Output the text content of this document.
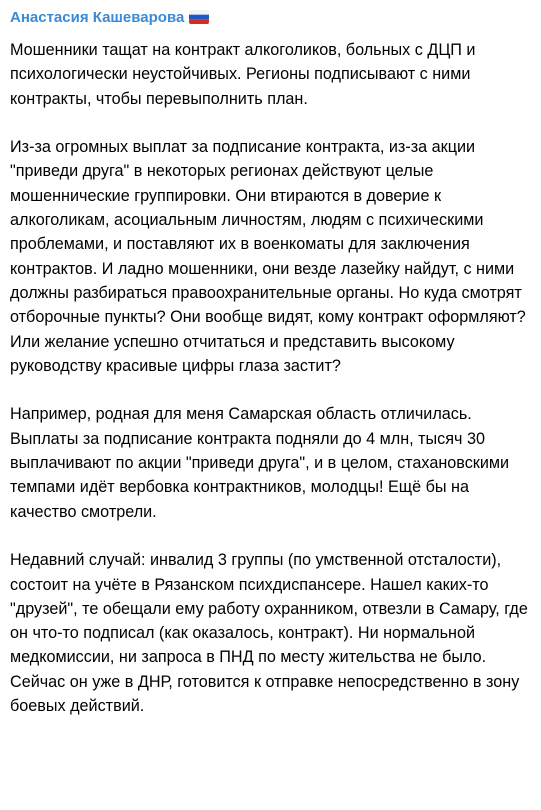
Анастасия Кашеварова

Мошенники тащат на контракт алкоголиков, больных с ДЦП и психологически неустойчивых. Регионы подписывают с ними контракты, чтобы перевыполнить план.

Из-за огромных выплат за подписание контракта, из-за акции "приведи друга" в некоторых регионах действуют целые мошеннические группировки. Они втираются в доверие к алкоголикам, асоциальным личностям, людям с психическими проблемами, и поставляют их в военкоматы для заключения контрактов. И ладно мошенники, они везде лазейку найдут, с ними должны разбираться правоохранительные органы. Но куда смотрят отборочные пункты? Они вообще видят, кому контракт оформляют? Или желание успешно отчитаться и представить высокому руководству красивые цифры глаза застит?

Например, родная для меня Самарская область отличилась. Выплаты за подписание контракта подняли до 4 млн, тысяч 30 выплачивают по акции "приведи друга", и в целом, стахановскими темпами идёт вербовка контрактников, молодцы! Ещё бы на качество смотрели.

Недавний случай: инвалид 3 группы (по умственной отсталости), состоит на учёте в Рязанском психдиспансере. Нашел каких-то "друзей", те обещали ему работу охранником, отвезли в Самару, где он что-то подписал (как оказалось, контракт). Ни нормальной медкомиссии, ни запроса в ПНД по месту жительства не было. Сейчас он уже в ДНР, готовится к отправке непосредственно в зону боевых действий.
